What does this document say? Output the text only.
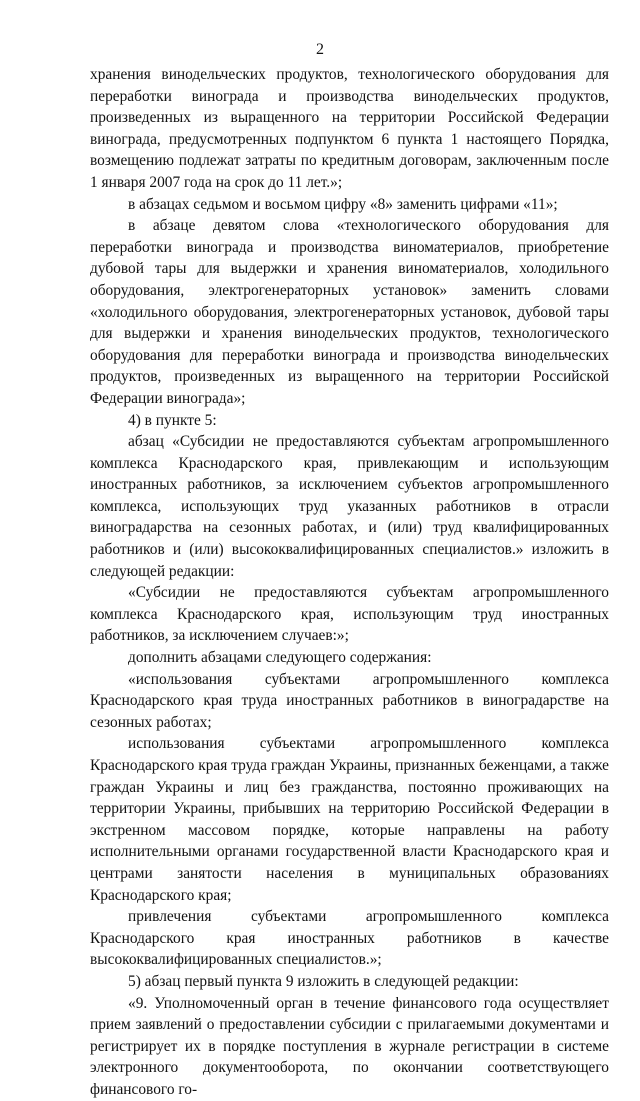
2

хранения винодельческих продуктов, технологического оборудования для переработки винограда и производства винодельческих продуктов, произведенных из выращенного на территории Российской Федерации винограда, предусмотренных подпунктом 6 пункта 1 настоящего Порядка, возмещению подлежат затраты по кредитным договорам, заключенным после 1 января 2007 года на срок до 11 лет.»;

в абзацах седьмом и восьмом цифру «8» заменить цифрами «11»;

в абзаце девятом слова «технологического оборудования для переработки винограда и производства виноматериалов, приобретение дубовой тары для выдержки и хранения виноматериалов, холодильного оборудования, электрогенераторных установок» заменить словами «холодильного оборудования, электрогенераторных установок, дубовой тары для выдержки и хранения винодельческих продуктов, технологического оборудования для переработки винограда и производства винодельческих продуктов, произведенных из выращенного на территории Российской Федерации винограда»;

4) в пункте 5:

абзац «Субсидии не предоставляются субъектам агропромышленного комплекса Краснодарского края, привлекающим и использующим иностранных работников, за исключением субъектов агропромышленного комплекса, использующих труд указанных работников в отрасли виноградарства на сезонных работах, и (или) труд квалифицированных работников и (или) высококвалифицированных специалистов.» изложить в следующей редакции:

«Субсидии не предоставляются субъектам агропромышленного комплекса Краснодарского края, использующим труд иностранных работников, за исключением случаев:»;

дополнить абзацами следующего содержания:

«использования субъектами агропромышленного комплекса Краснодарского края труда иностранных работников в виноградарстве на сезонных работах;

использования субъектами агропромышленного комплекса Краснодарского края труда граждан Украины, признанных беженцами, а также граждан Украины и лиц без гражданства, постоянно проживающих на территории Украины, прибывших на территорию Российской Федерации в экстренном массовом порядке, которые направлены на работу исполнительными органами государственной власти Краснодарского края и центрами занятости населения в муниципальных образованиях Краснодарского края;

привлечения субъектами агропромышленного комплекса Краснодарского края иностранных работников в качестве высококвалифицированных специалистов.»;

5) абзац первый пункта 9 изложить в следующей редакции:

«9. Уполномоченный орган в течение финансового года осуществляет прием заявлений о предоставлении субсидии с прилагаемыми документами и регистрирует их в порядке поступления в журнале регистрации в системе электронного документооборота, по окончании соответствующего финансового го-
